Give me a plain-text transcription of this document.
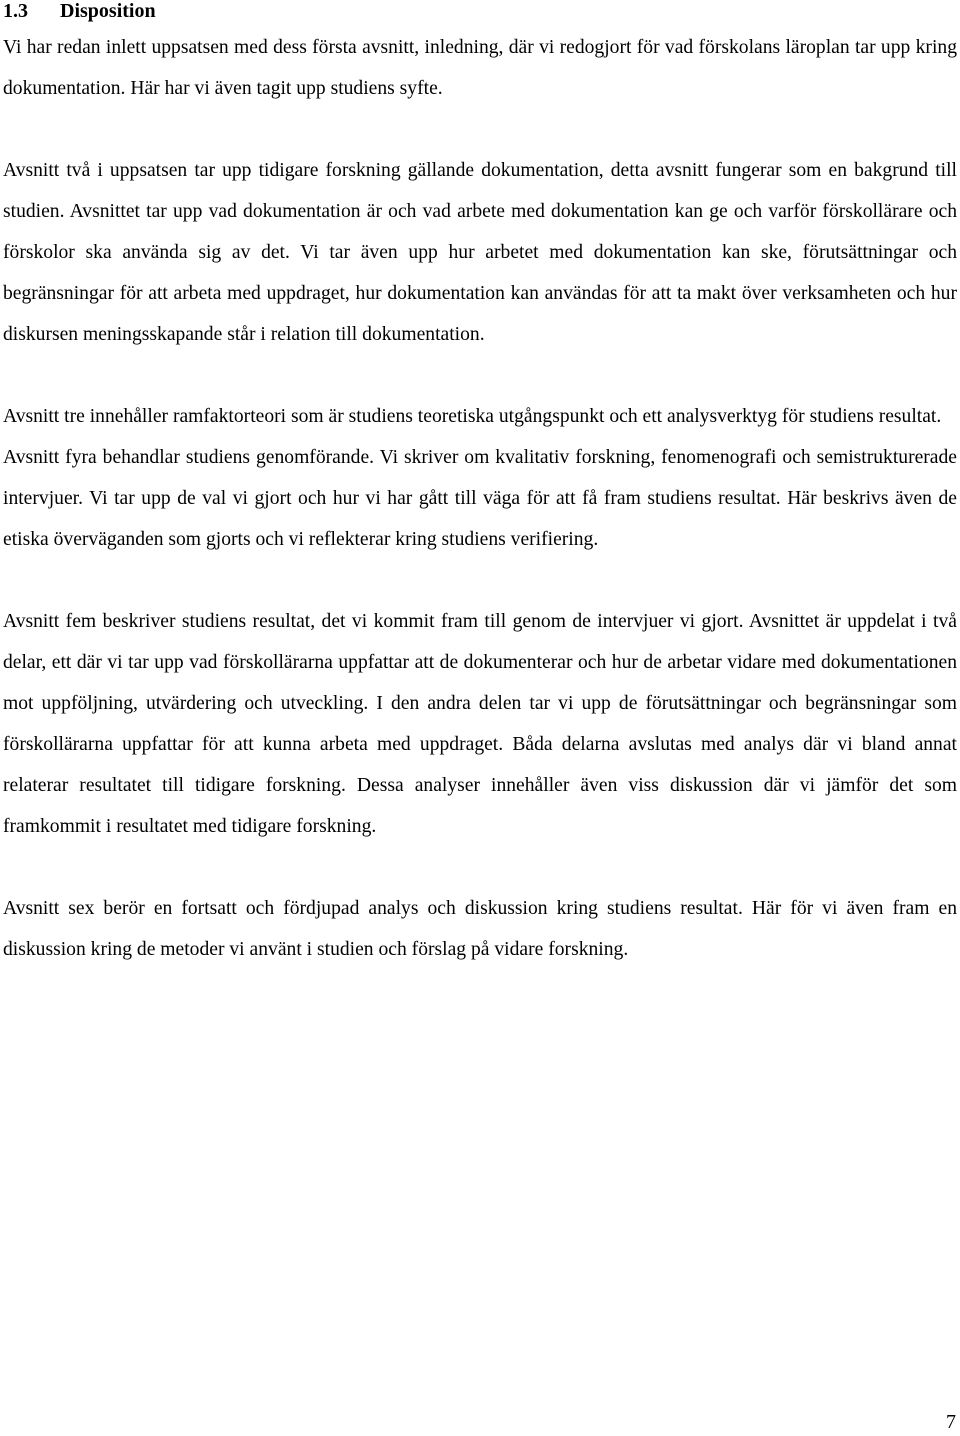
1.3 Disposition

Vi har redan inlett uppsatsen med dess första avsnitt, inledning, där vi redogjort för vad förskolans läroplan tar upp kring dokumentation. Här har vi även tagit upp studiens syfte.

Avsnitt två i uppsatsen tar upp tidigare forskning gällande dokumentation, detta avsnitt fungerar som en bakgrund till studien. Avsnittet tar upp vad dokumentation är och vad arbete med dokumentation kan ge och varför förskollärare och förskolor ska använda sig av det. Vi tar även upp hur arbetet med dokumentation kan ske, förutsättningar och begränsningar för att arbeta med uppdraget, hur dokumentation kan användas för att ta makt över verksamheten och hur diskursen meningsskapande står i relation till dokumentation.

Avsnitt tre innehåller ramfaktorteori som är studiens teoretiska utgångspunkt och ett analysverktyg för studiens resultat.

Avsnitt fyra behandlar studiens genomförande. Vi skriver om kvalitativ forskning, fenomenografi och semistrukturerade intervjuer. Vi tar upp de val vi gjort och hur vi har gått till väga för att få fram studiens resultat. Här beskrivs även de etiska överväganden som gjorts och vi reflekterar kring studiens verifiering.

Avsnitt fem beskriver studiens resultat, det vi kommit fram till genom de intervjuer vi gjort. Avsnittet är uppdelat i två delar, ett där vi tar upp vad förskollärarna uppfattar att de dokumenterar och hur de arbetar vidare med dokumentationen mot uppföljning, utvärdering och utveckling. I den andra delen tar vi upp de förutsättningar och begränsningar som förskollärarna uppfattar för att kunna arbeta med uppdraget. Båda delarna avslutas med analys där vi bland annat relaterar resultatet till tidigare forskning. Dessa analyser innehåller även viss diskussion där vi jämför det som framkommit i resultatet med tidigare forskning.

Avsnitt sex berör en fortsatt och fördjupad analys och diskussion kring studiens resultat. Här för vi även fram en diskussion kring de metoder vi använt i studien och förslag på vidare forskning.

7
